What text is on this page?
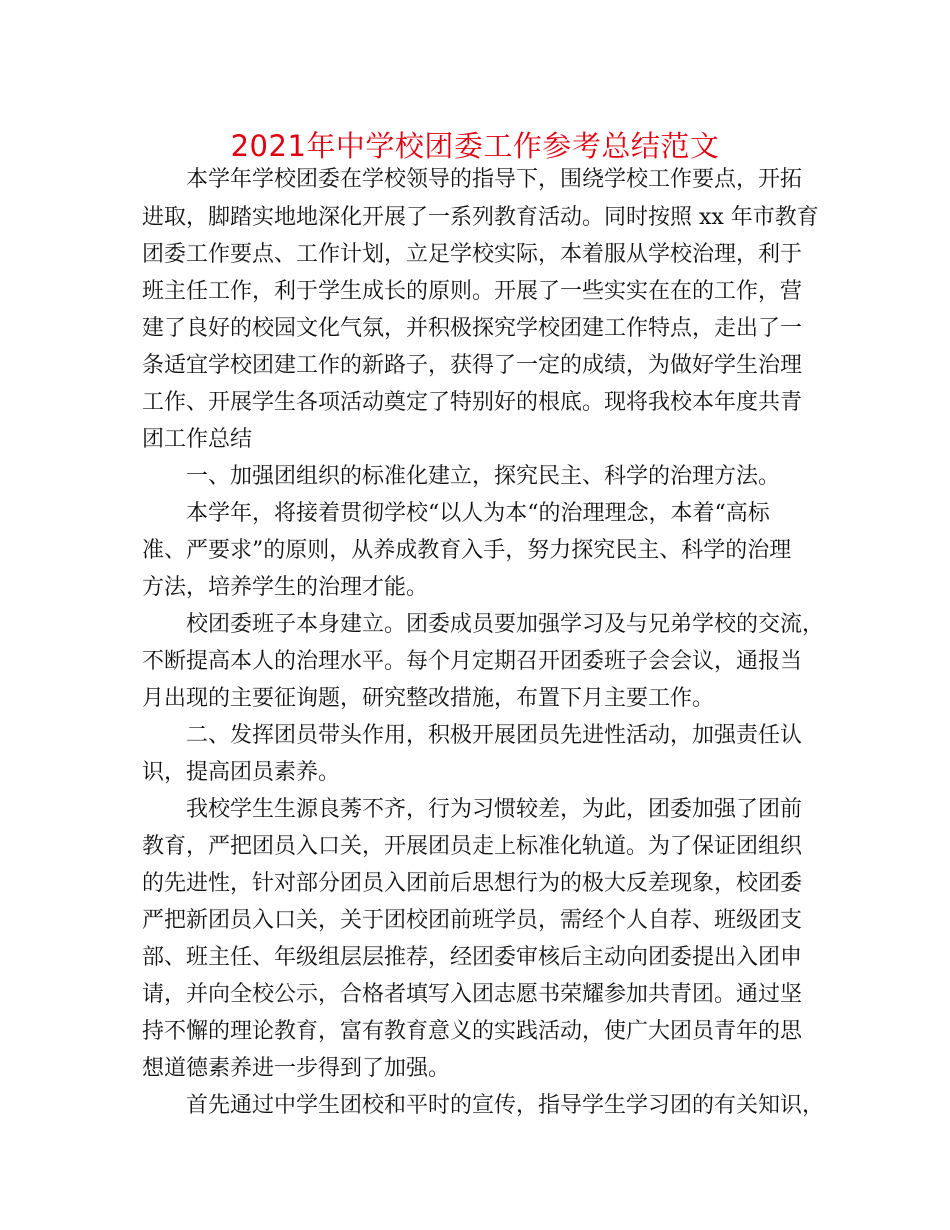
2021年中学校团委工作参考总结范文

本学年学校团委在学校领导的指导下，围绕学校工作要点，开拓

进取，脚踏实地地深化开展了一系列教育活动。同时按照 xx 年市教育

团委工作要点、工作计划，立足学校实际，本着服从学校治理，利于

班主任工作，利于学生成长的原则。开展了一些实实在在的工作，营

建了良好的校园文化气氛，并积极探究学校团建工作特点，走出了一

条适宜学校团建工作的新路子，获得了一定的成绩，为做好学生治理

工作、开展学生各项活动奠定了特别好的根底。现将我校本年度共青

团工作总结

一、加强团组织的标准化建立，探究民主、科学的治理方法。

本学年，将接着贯彻学校“以人为本“的治理理念，本着“高标

准、严要求”的原则，从养成教育入手，努力探究民主、科学的治理

方法，培养学生的治理才能。

校团委班子本身建立。团委成员要加强学习及与兄弟学校的交流，

不断提高本人的治理水平。每个月定期召开团委班子会会议，通报当

月出现的主要征询题，研究整改措施，布置下月主要工作。

二、发挥团员带头作用，积极开展团员先进性活动，加强责任认

识，提高团员素养。

我校学生生源良莠不齐，行为习惯较差，为此，团委加强了团前

教育，严把团员入口关，开展团员走上标准化轨道。为了保证团组织

的先进性，针对部分团员入团前后思想行为的极大反差现象，校团委

严把新团员入口关，关于团校团前班学员，需经个人自荐、班级团支

部、班主任、年级组层层推荐，经团委审核后主动向团委提出入团申

请，并向全校公示，合格者填写入团志愿书荣耀参加共青团。通过坚

持不懈的理论教育，富有教育意义的实践活动，使广大团员青年的思

想道德素养进一步得到了加强。

首先通过中学生团校和平时的宣传，指导学生学习团的有关知识，
